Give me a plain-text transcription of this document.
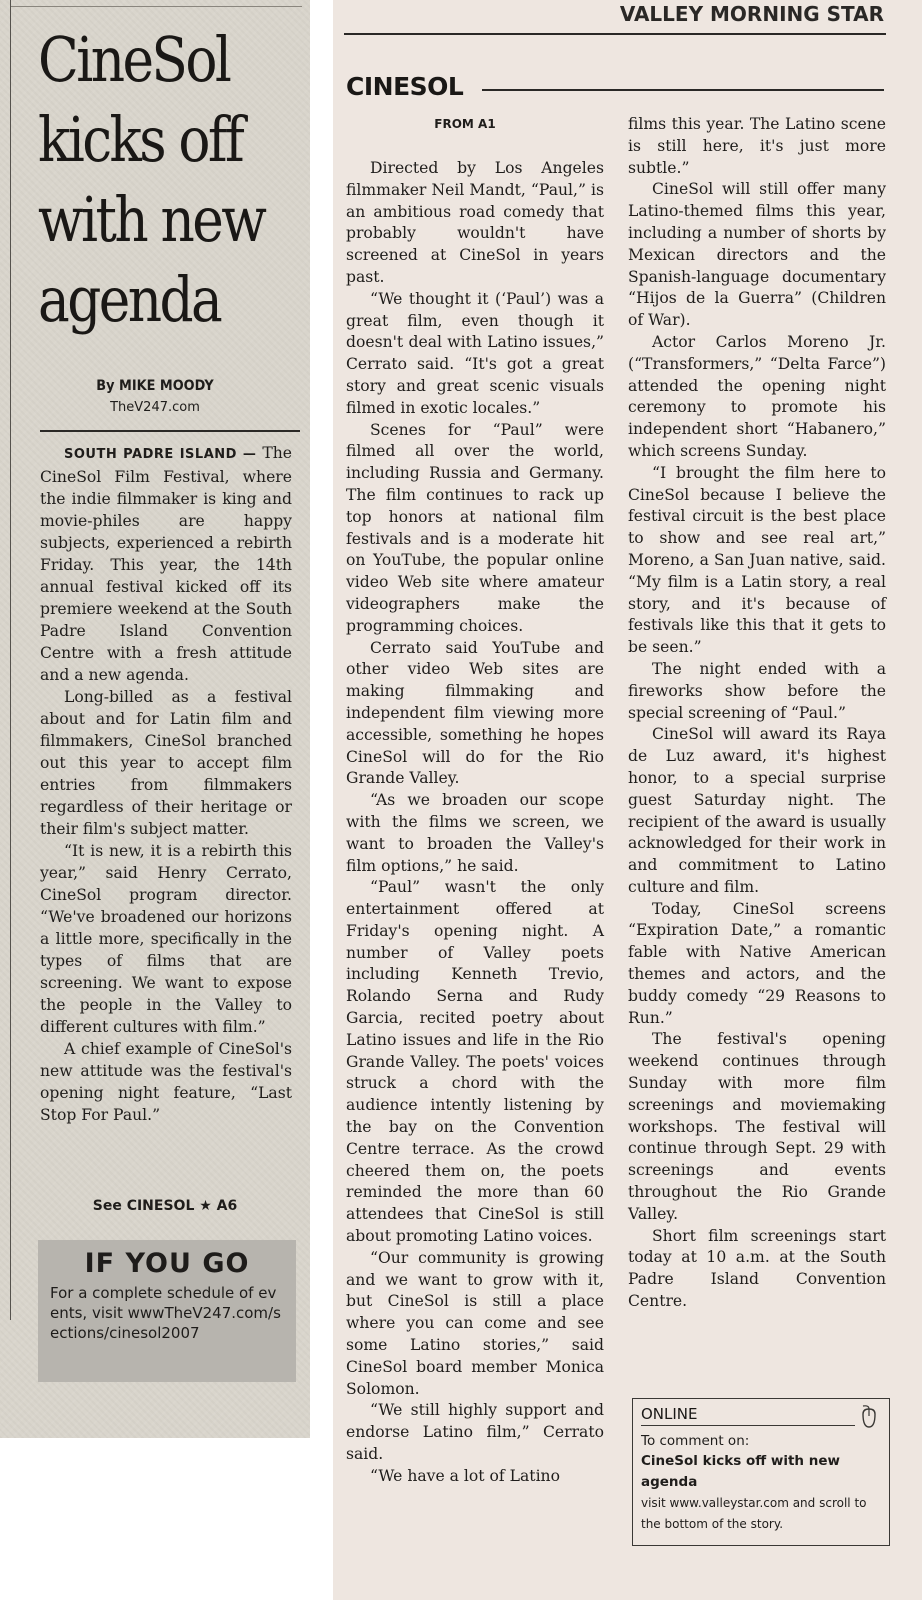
CineSol kicks off with new agenda
By MIKE MOODY
TheV247.com

SOUTH PADRE ISLAND — The CineSol Film Festival, where the indie filmmaker is king and movie-philes are happy subjects, experienced a rebirth Friday. This year, the 14th annual festival kicked off its premiere weekend at the South Padre Island Convention Centre with a fresh attitude and a new agenda.

Long-billed as a festival about and for Latin film and filmmakers, CineSol branched out this year to accept film entries from filmmakers regardless of their heritage or their film's subject matter.

“It is new, it is a rebirth this year,” said Henry Cerrato, CineSol program director. “We've broadened our horizons a little more, specifically in the types of films that are screening. We want to expose the people in the Valley to different cultures with film.”

A chief example of CineSol's new attitude was the festival's opening night feature, “Last Stop For Paul.”

See CINESOL ★ A6
IF YOU GO
For a complete schedule of events, visit wwwTheV247.com/sections/cinesol2007
VALLEY MORNING STAR
CINESOL
FROM A1

Directed by Los Angeles filmmaker Neil Mandt, “Paul,” is an ambitious road comedy that probably wouldn't have screened at CineSol in years past.

“We thought it (‘Paul’) was a great film, even though it doesn't deal with Latino issues,” Cerrato said. “It's got a great story and great scenic visuals filmed in exotic locales.”

Scenes for “Paul” were filmed all over the world, including Russia and Germany. The film continues to rack up top honors at national film festivals and is a moderate hit on YouTube, the popular online video Web site where amateur videographers make the programming choices.

Cerrato said YouTube and other video Web sites are making filmmaking and independent film viewing more accessible, something he hopes CineSol will do for the Rio Grande Valley.

“As we broaden our scope with the films we screen, we want to broaden the Valley's film options,” he said.

“Paul” wasn't the only entertainment offered at Friday's opening night. A number of Valley poets including Kenneth Trevio, Rolando Serna and Rudy Garcia, recited poetry about Latino issues and life in the Rio Grande Valley. The poets' voices struck a chord with the audience intently listening by the bay on the Convention Centre terrace. As the crowd cheered them on, the poets reminded the more than 60 attendees that CineSol is still about promoting Latino voices.

“Our community is growing and we want to grow with it, but CineSol is still a place where you can come and see some Latino stories,” said CineSol board member Monica Solomon.

“We still highly support and endorse Latino film,” Cerrato said.

“We have a lot of Latino

films this year. The Latino scene is still here, it's just more subtle.”

CineSol will still offer many Latino-themed films this year, including a number of shorts by Mexican directors and the Spanish-language documentary “Hijos de la Guerra” (Children of War).

Actor Carlos Moreno Jr. (“Transformers,” “Delta Farce”) attended the opening night ceremony to promote his independent short “Habanero,” which screens Sunday.

“I brought the film here to CineSol because I believe the festival circuit is the best place to show and see real art,” Moreno, a San Juan native, said. “My film is a Latin story, a real story, and it's because of festivals like this that it gets to be seen.”

The night ended with a fireworks show before the special screening of “Paul.”

CineSol will award its Raya de Luz award, it's highest honor, to a special surprise guest Saturday night. The recipient of the award is usually acknowledged for their work in and commitment to Latino culture and film.

Today, CineSol screens “Expiration Date,” a romantic fable with Native American themes and actors, and the buddy comedy “29 Reasons to Run.”

The festival's opening weekend continues through Sunday with more film screenings and moviemaking workshops. The festival will continue through Sept. 29 with screenings and events throughout the Rio Grande Valley.

Short film screenings start today at 10 a.m. at the South Padre Island Convention Centre.

ONLINE
To comment on:
CineSol kicks off with new agenda
visit www.valleystar.com and scroll to the bottom of the story.
